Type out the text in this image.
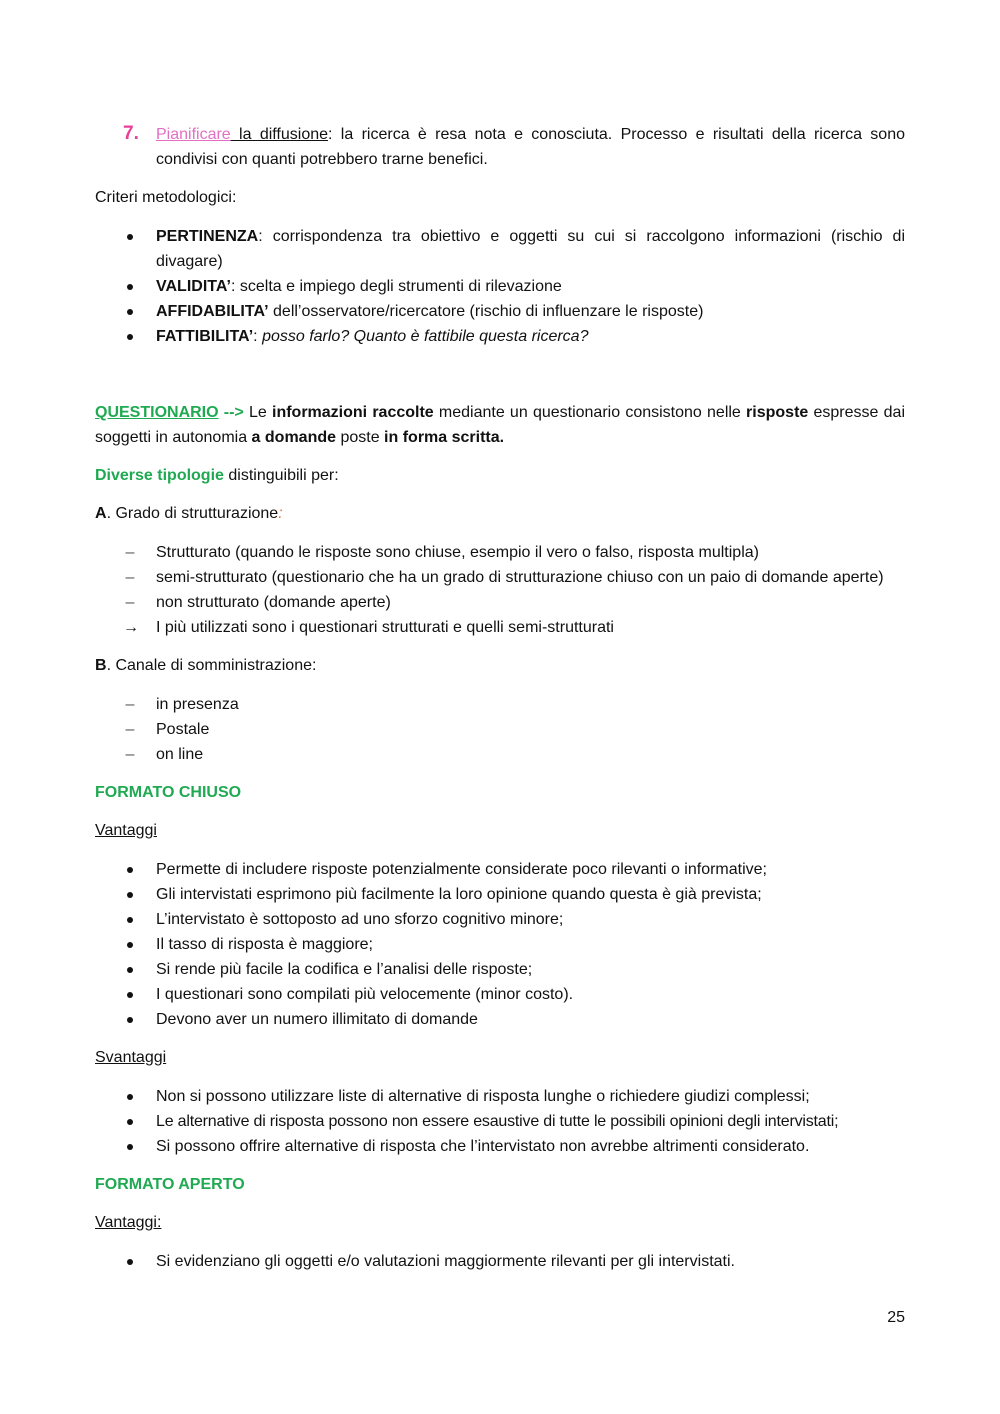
7. Pianificare la diffusione: la ricerca è resa nota e conosciuta. Processo e risultati della ricerca sono condivisi con quanti potrebbero trarne benefici.

Criteri metodologici:

PERTINENZA: corrispondenza tra obiettivo e oggetti su cui si raccolgono informazioni (rischio di divagare)
VALIDITA’: scelta e impiego degli strumenti di rilevazione
AFFIDABILITA’ dell’osservatore/ricercatore (rischio di influenzare le risposte)
FATTIBILITA’: posso farlo? Quanto è fattibile questa ricerca?

QUESTIONARIO --> Le informazioni raccolte mediante un questionario consistono nelle risposte espresse dai soggetti in autonomia a domande poste in forma scritta.

Diverse tipologie distinguibili per:

A. Grado di strutturazione:

– Strutturato (quando le risposte sono chiuse, esempio il vero o falso, risposta multipla)
– semi-strutturato (questionario che ha un grado di strutturazione chiuso con un paio di domande aperte)
– non strutturato (domande aperte)
→ I più utilizzati sono i questionari strutturati e quelli semi-strutturati

B. Canale di somministrazione:

– in presenza
– Postale
– on line

FORMATO CHIUSO

Vantaggi

Permette di includere risposte potenzialmente considerate poco rilevanti o informative;
Gli intervistati esprimono più facilmente la loro opinione quando questa è già prevista;
L’intervistato è sottoposto ad uno sforzo cognitivo minore;
Il tasso di risposta è maggiore;
Si rende più facile la codifica e l’analisi delle risposte;
I questionari sono compilati più velocemente (minor costo).
Devono aver un numero illimitato di domande

Svantaggi

Non si possono utilizzare liste di alternative di risposta lunghe o richiedere giudizi complessi;
Le alternative di risposta possono non essere esaustive di tutte le possibili opinioni degli intervistati;
Si possono offrire alternative di risposta che l’intervistato non avrebbe altrimenti considerato.

FORMATO APERTO

Vantaggi:

Si evidenziano gli oggetti e/o valutazioni maggiormente rilevanti per gli intervistati.
25
